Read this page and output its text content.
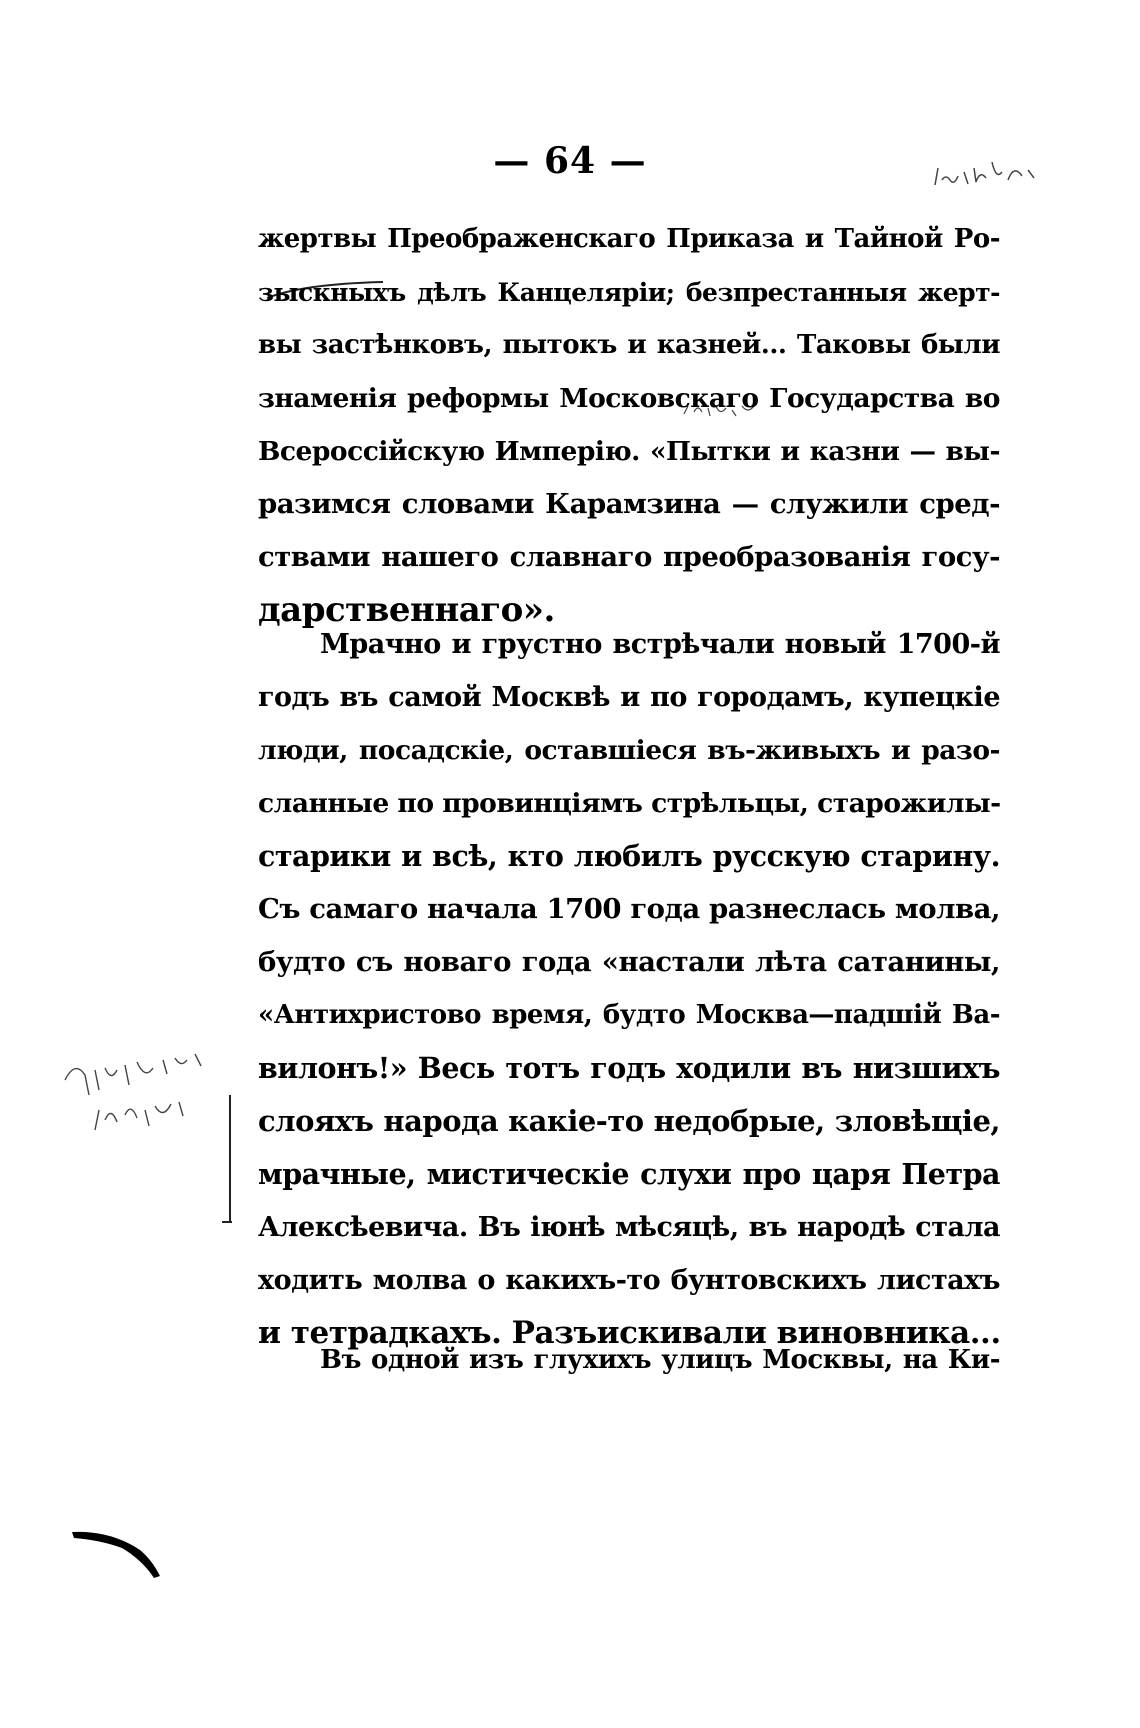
— 64 —
жертвы Преображенскаго Приказа и Тайной Ро-
зыскныхъ дѣлъ Канцеляріи; безпрестанныя жерт-
вы застѣнковъ, пытокъ и казней... Таковы были
знаменія реформы Московскаго Государства во
Всероссійскую Имперію. «Пытки и казни — вы-
разимся словами Карамзина — служили сред-
ствами нашего славнаго преобразованія госу-
дарственнаго».
Мрачно и грустно встрѣчали новый 1700-й
годъ въ самой Москвѣ и по городамъ, купецкіе
люди, посадскіе, оставшіеся въ-живыхъ и разо-
сланные по провинціямъ стрѣльцы, старожилы-
старики и всѣ, кто любилъ русскую старину.
Съ самаго начала 1700 года разнеслась молва,
будто съ новаго года «настали лѣта сатанины,
«Антихристово время, будто Москва—падшій Ва-
вилонъ!» Весь тотъ годъ ходили въ низшихъ
слояхъ народа какіе-то недобрые, зловѣщіе,
мрачные, мистическіе слухи про царя Петра
Алексѣевича. Въ іюнѣ мѣсяцѣ, въ народѣ стала
ходить молва о какихъ-то бунтовскихъ листахъ
и тетрадкахъ. Разъискивали виновника...
Въ одной изъ глухихъ улицъ Москвы, на Ки-
